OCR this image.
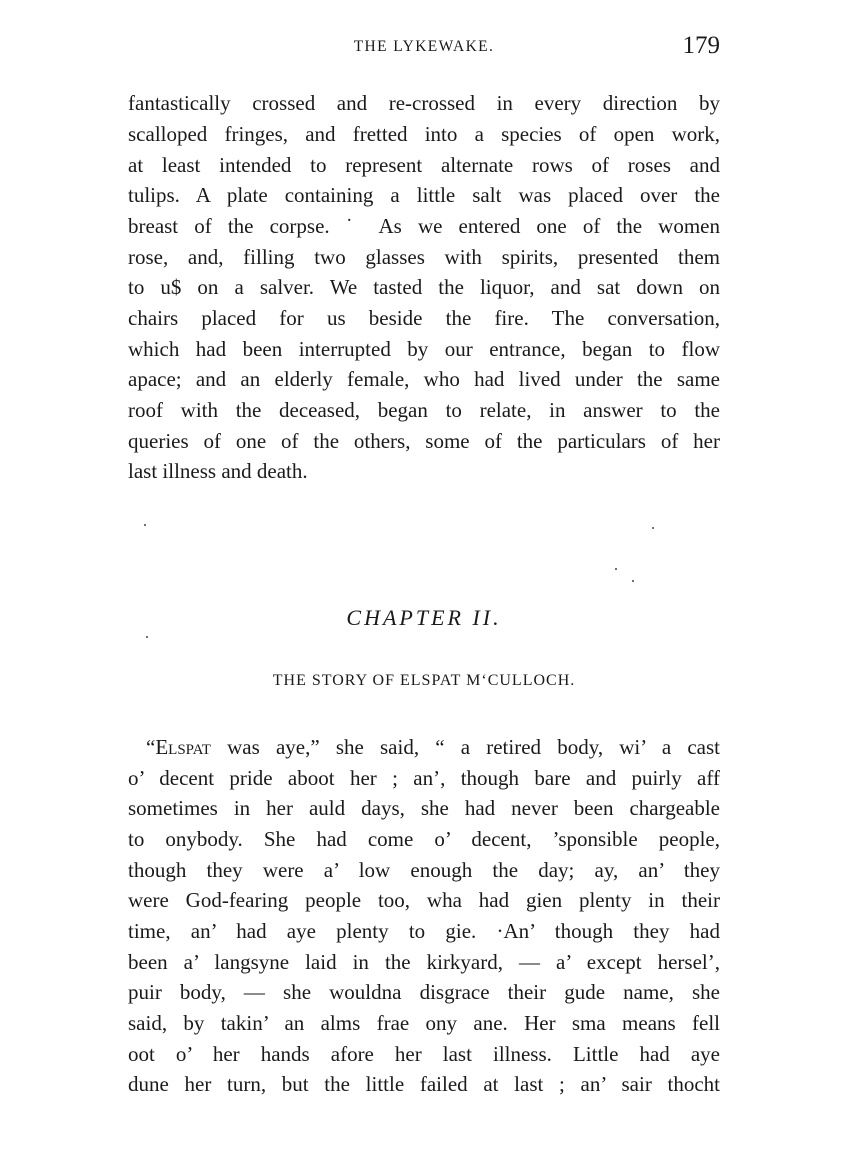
THE LYKEWAKE.	179
fantastically crossed and re-crossed in every direction by
scalloped fringes, and fretted into a species of open work,
at least intended to represent alternate rows of roses and
tulips. A plate containing a little salt was placed over the
breast of the corpse. ˙ As we entered one of the women
rose, and, filling two glasses with spirits, presented them
to u$ on a salver. We tasted the liquor, and sat down on
chairs placed for us beside the fire. The conversation,
which had been interrupted by our entrance, began to flow
apace; and an elderly female, who had lived under the same
roof with the deceased, began to relate, in answer to the
queries of one of the others, some of the particulars of her
last illness and death.
CHAPTER II.
THE STORY OF ELSPAT M‘CULLOCH.
“Elspat was aye,” she said, “ a retired body, wi’ a cast
o’ decent pride aboot her ; an’, though bare and puirly aff
sometimes in her auld days, she had never been chargeable
to onybody. She had come o’ decent, ’sponsible people,
though they were a’ low enough the day; ay, an’ they
were God-fearing people too, wha had gien plenty in their
time, an’ had aye plenty to gie. ·An’ though they had
been a’ langsyne laid in the kirkyard, — a’ except hersel’,
puir body, — she wouldna disgrace their gude name, she
said, by takin’ an alms frae ony ane. Her sma means fell
oot o’ her hands afore her last illness. Little had aye
dune her turn, but the little failed at last ; an’ sair thocht
